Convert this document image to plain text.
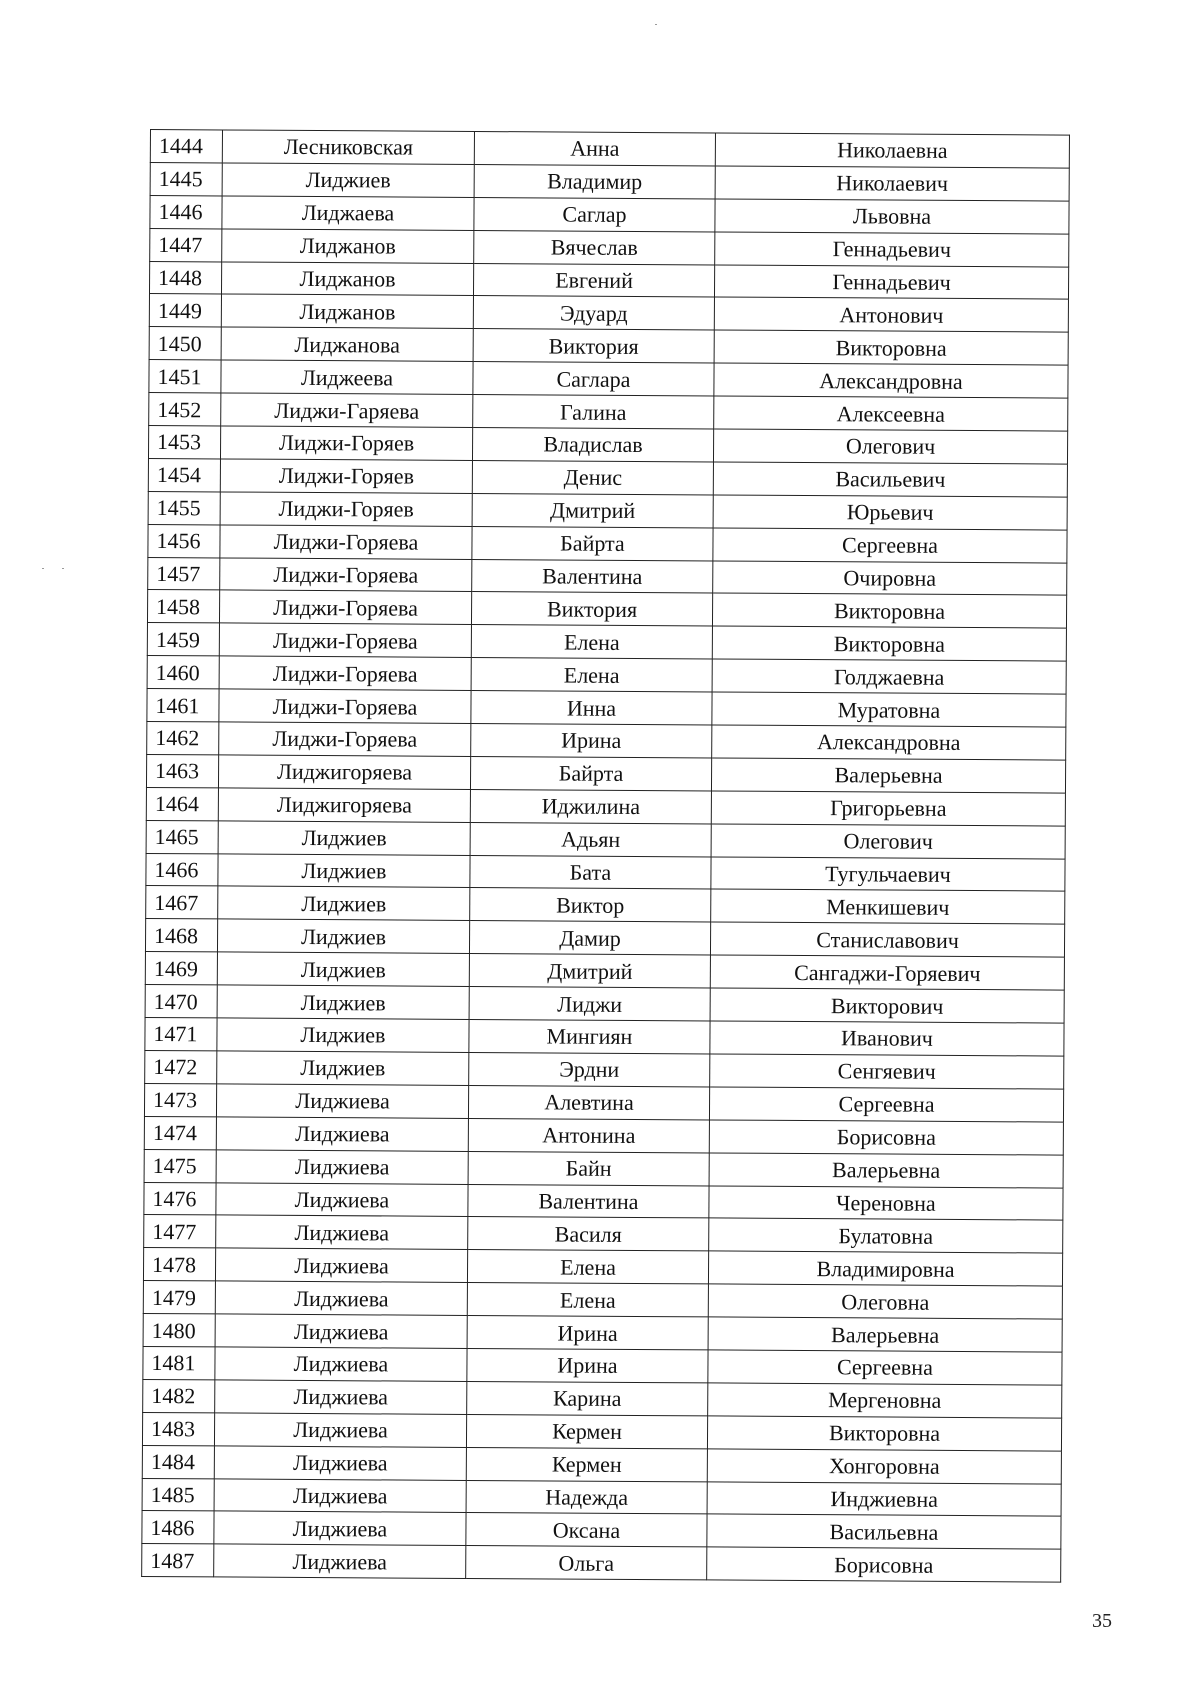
1444	Лесниковская	Анна	Николаевна
1445	Лиджиев	Владимир	Николаевич
1446	Лиджаева	Саглар	Львовна
1447	Лиджанов	Вячеслав	Геннадьевич
1448	Лиджанов	Евгений	Геннадьевич
1449	Лиджанов	Эдуард	Антонович
1450	Лиджанова	Виктория	Викторовна
1451	Лиджеева	Саглара	Александровна
1452	Лиджи-Гаряева	Галина	Алексеевна
1453	Лиджи-Горяев	Владислав	Олегович
1454	Лиджи-Горяев	Денис	Васильевич
1455	Лиджи-Горяев	Дмитрий	Юрьевич
1456	Лиджи-Горяева	Байрта	Сергеевна
1457	Лиджи-Горяева	Валентина	Очировна
1458	Лиджи-Горяева	Виктория	Викторовна
1459	Лиджи-Горяева	Елена	Викторовна
1460	Лиджи-Горяева	Елена	Голджаевна
1461	Лиджи-Горяева	Инна	Муратовна
1462	Лиджи-Горяева	Ирина	Александровна
1463	Лиджигоряева	Байрта	Валерьевна
1464	Лиджигоряева	Иджилина	Григорьевна
1465	Лиджиев	Адьян	Олегович
1466	Лиджиев	Бата	Тугульчаевич
1467	Лиджиев	Виктор	Менкишевич
1468	Лиджиев	Дамир	Станиславович
1469	Лиджиев	Дмитрий	Сангаджи-Горяевич
1470	Лиджиев	Лиджи	Викторович
1471	Лиджиев	Мингиян	Иванович
1472	Лиджиев	Эрдни	Сенгяевич
1473	Лиджиева	Алевтина	Сергеевна
1474	Лиджиева	Антонина	Борисовна
1475	Лиджиева	Байн	Валерьевна
1476	Лиджиева	Валентина	Череновна
1477	Лиджиева	Василя	Булатовна
1478	Лиджиева	Елена	Владимировна
1479	Лиджиева	Елена	Олеговна
1480	Лиджиева	Ирина	Валерьевна
1481	Лиджиева	Ирина	Сергеевна
1482	Лиджиева	Карина	Мергеновна
1483	Лиджиева	Кермен	Викторовна
1484	Лиджиева	Кермен	Хонгоровна
1485	Лиджиева	Надежда	Инджиевна
1486	Лиджиева	Оксана	Васильевна
1487	Лиджиева	Ольга	Борисовна
35
